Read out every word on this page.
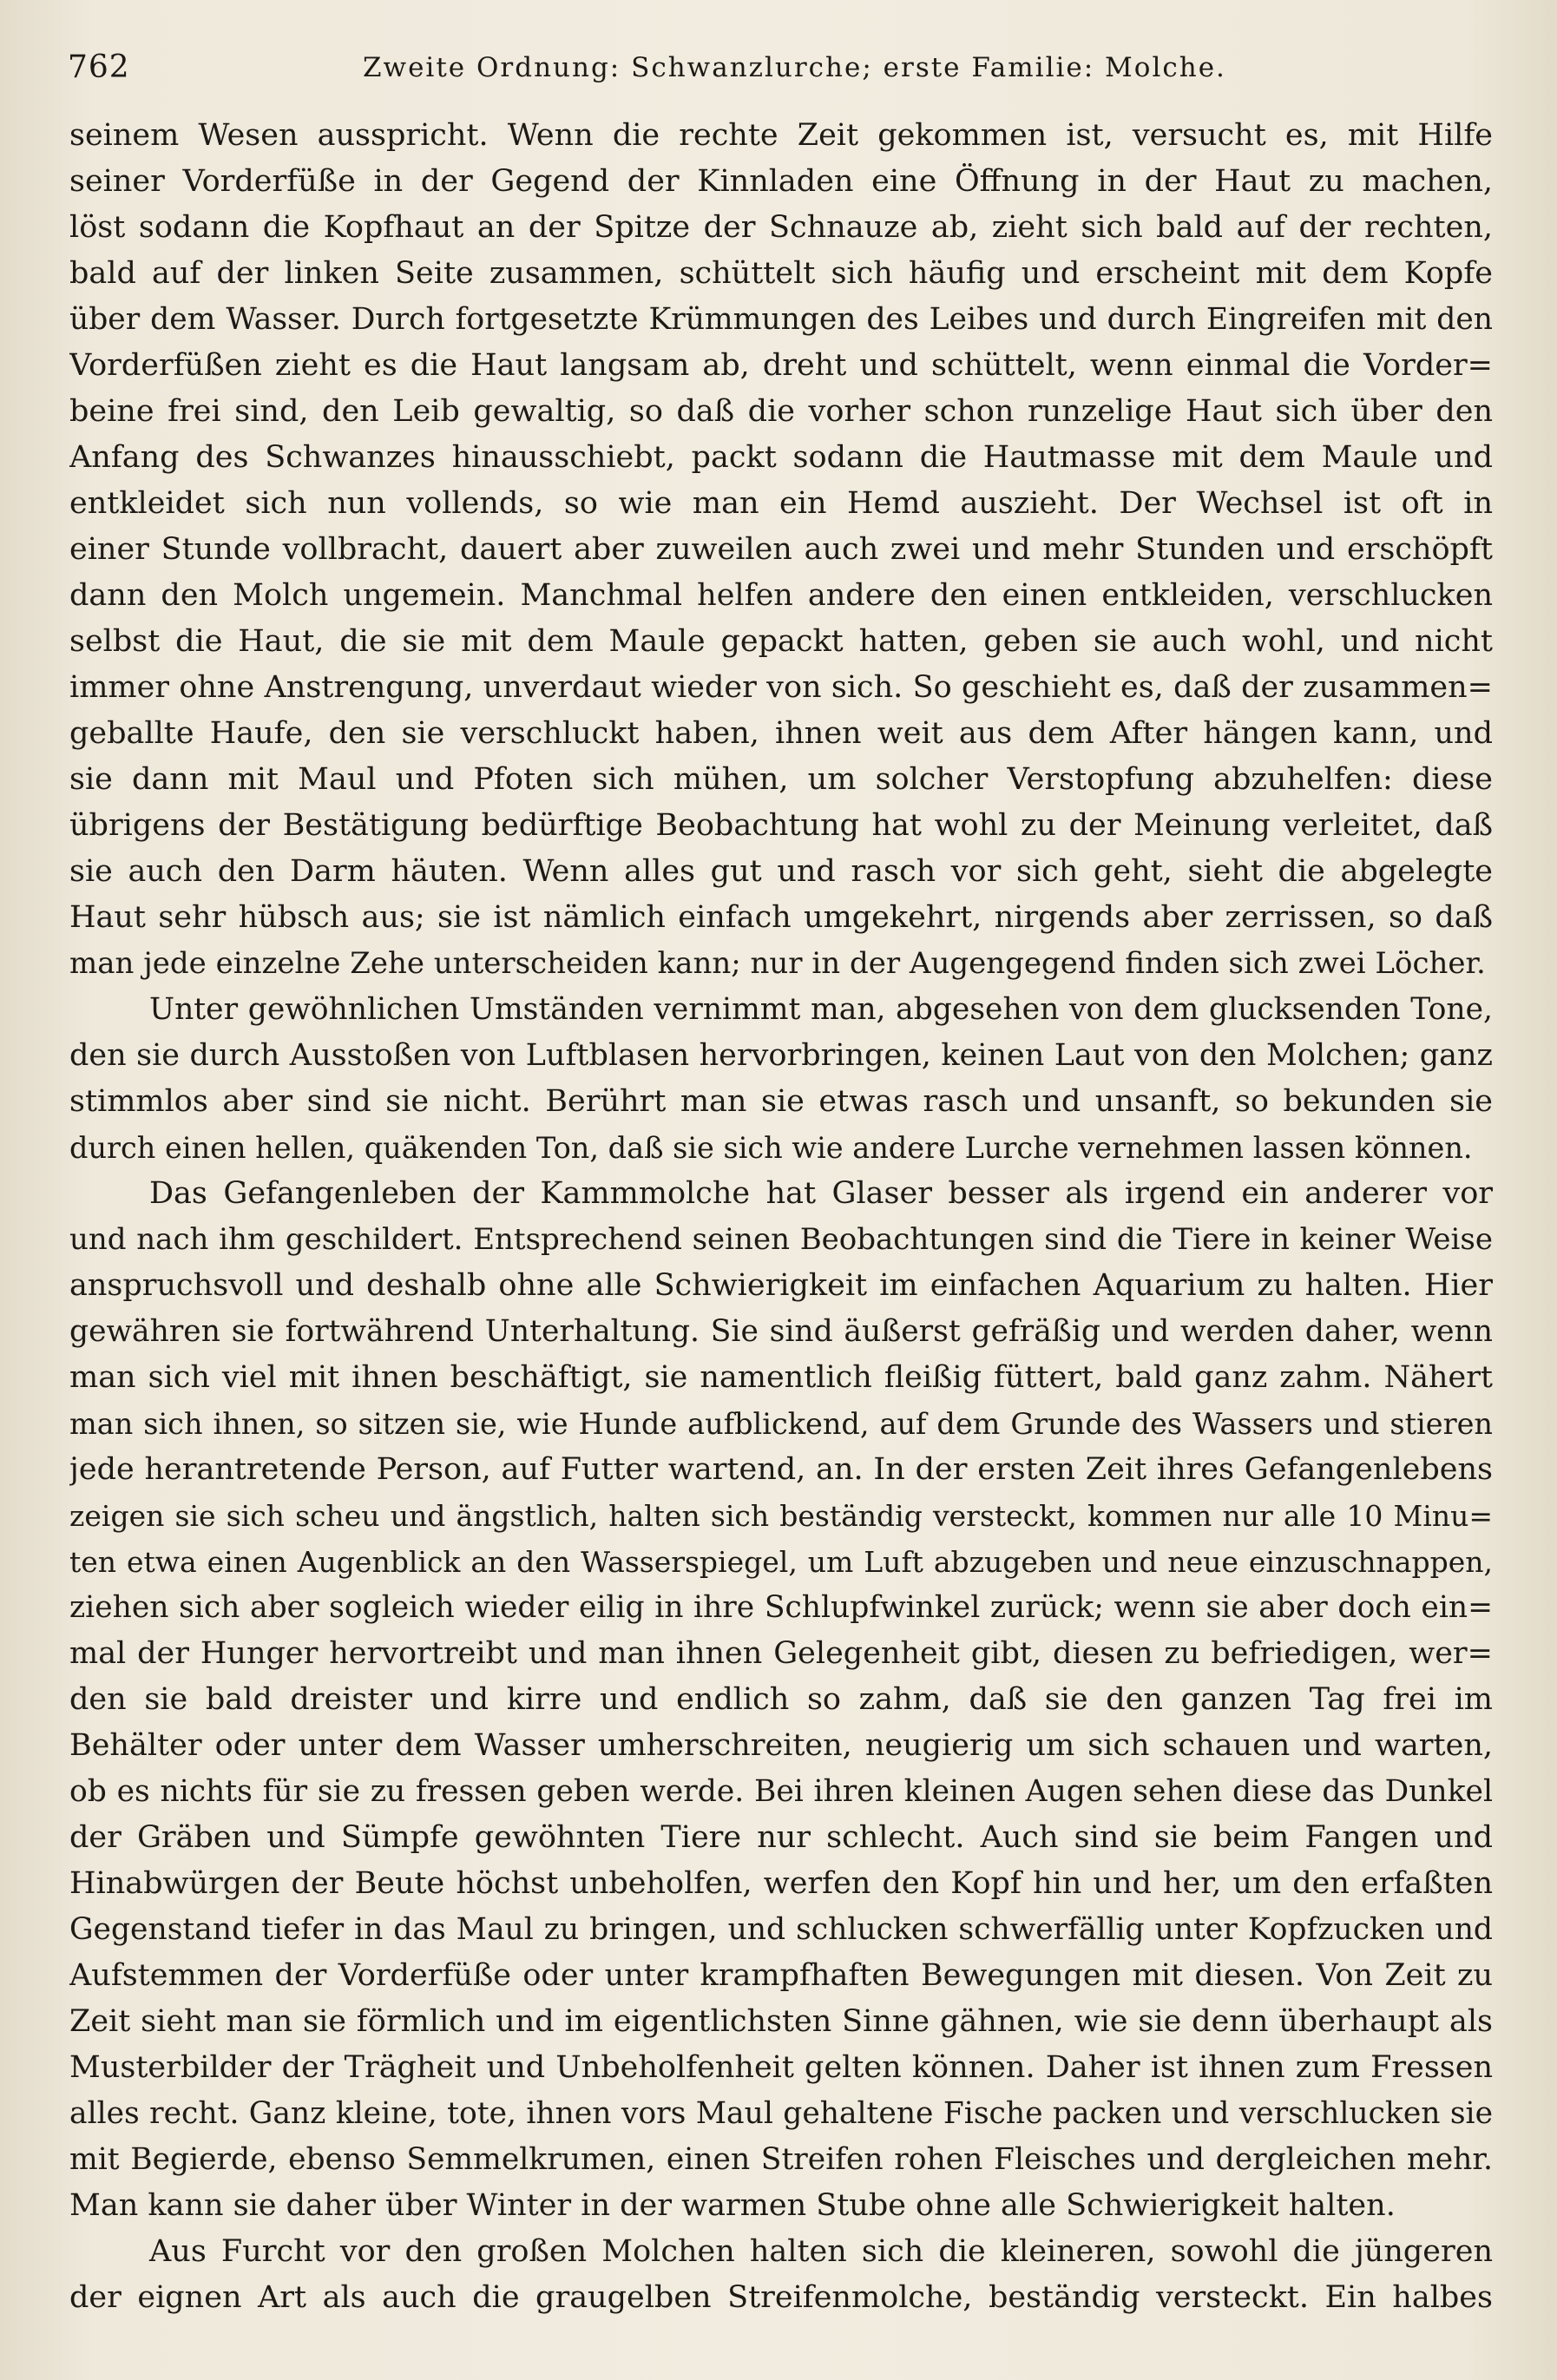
762	Zweite Ordnung: Schwanzlurche; erste Familie: Molche.
seinem Wesen ausspricht. Wenn die rechte Zeit gekommen ist, versucht es, mit Hilfe
seiner Vorderfüße in der Gegend der Kinnladen eine Öffnung in der Haut zu machen,
löst sodann die Kopfhaut an der Spitze der Schnauze ab, zieht sich bald auf der rechten,
bald auf der linken Seite zusammen, schüttelt sich häufig und erscheint mit dem Kopfe
über dem Wasser. Durch fortgesetzte Krümmungen des Leibes und durch Eingreifen mit den
Vorderfüßen zieht es die Haut langsam ab, dreht und schüttelt, wenn einmal die Vorder=
beine frei sind, den Leib gewaltig, so daß die vorher schon runzelige Haut sich über den
Anfang des Schwanzes hinausschiebt, packt sodann die Hautmasse mit dem Maule und
entkleidet sich nun vollends, so wie man ein Hemd auszieht. Der Wechsel ist oft in
einer Stunde vollbracht, dauert aber zuweilen auch zwei und mehr Stunden und erschöpft
dann den Molch ungemein. Manchmal helfen andere den einen entkleiden, verschlucken
selbst die Haut, die sie mit dem Maule gepackt hatten, geben sie auch wohl, und nicht
immer ohne Anstrengung, unverdaut wieder von sich. So geschieht es, daß der zusammen=
geballte Haufe, den sie verschluckt haben, ihnen weit aus dem After hängen kann, und
sie dann mit Maul und Pfoten sich mühen, um solcher Verstopfung abzuhelfen: diese
übrigens der Bestätigung bedürftige Beobachtung hat wohl zu der Meinung verleitet, daß
sie auch den Darm häuten. Wenn alles gut und rasch vor sich geht, sieht die abgelegte
Haut sehr hübsch aus; sie ist nämlich einfach umgekehrt, nirgends aber zerrissen, so daß
man jede einzelne Zehe unterscheiden kann; nur in der Augengegend finden sich zwei Löcher.
Unter gewöhnlichen Umständen vernimmt man, abgesehen von dem glucksenden Tone,
den sie durch Ausstoßen von Luftblasen hervorbringen, keinen Laut von den Molchen; ganz
stimmlos aber sind sie nicht. Berührt man sie etwas rasch und unsanft, so bekunden sie
durch einen hellen, quäkenden Ton, daß sie sich wie andere Lurche vernehmen lassen können.
Das Gefangenleben der Kammmolche hat Glaser besser als irgend ein anderer vor
und nach ihm geschildert. Entsprechend seinen Beobachtungen sind die Tiere in keiner Weise
anspruchsvoll und deshalb ohne alle Schwierigkeit im einfachen Aquarium zu halten. Hier
gewähren sie fortwährend Unterhaltung. Sie sind äußerst gefräßig und werden daher, wenn
man sich viel mit ihnen beschäftigt, sie namentlich fleißig füttert, bald ganz zahm. Nähert
man sich ihnen, so sitzen sie, wie Hunde aufblickend, auf dem Grunde des Wassers und stieren
jede herantretende Person, auf Futter wartend, an. In der ersten Zeit ihres Gefangenlebens
zeigen sie sich scheu und ängstlich, halten sich beständig versteckt, kommen nur alle 10 Minu=
ten etwa einen Augenblick an den Wasserspiegel, um Luft abzugeben und neue einzuschnappen,
ziehen sich aber sogleich wieder eilig in ihre Schlupfwinkel zurück; wenn sie aber doch ein=
mal der Hunger hervortreibt und man ihnen Gelegenheit gibt, diesen zu befriedigen, wer=
den sie bald dreister und kirre und endlich so zahm, daß sie den ganzen Tag frei im
Behälter oder unter dem Wasser umherschreiten, neugierig um sich schauen und warten,
ob es nichts für sie zu fressen geben werde. Bei ihren kleinen Augen sehen diese das Dunkel
der Gräben und Sümpfe gewöhnten Tiere nur schlecht. Auch sind sie beim Fangen und
Hinabwürgen der Beute höchst unbeholfen, werfen den Kopf hin und her, um den erfaßten
Gegenstand tiefer in das Maul zu bringen, und schlucken schwerfällig unter Kopfzucken und
Aufstemmen der Vorderfüße oder unter krampfhaften Bewegungen mit diesen. Von Zeit zu
Zeit sieht man sie förmlich und im eigentlichsten Sinne gähnen, wie sie denn überhaupt als
Musterbilder der Trägheit und Unbeholfenheit gelten können. Daher ist ihnen zum Fressen
alles recht. Ganz kleine, tote, ihnen vors Maul gehaltene Fische packen und verschlucken sie
mit Begierde, ebenso Semmelkrumen, einen Streifen rohen Fleisches und dergleichen mehr.
Man kann sie daher über Winter in der warmen Stube ohne alle Schwierigkeit halten.
Aus Furcht vor den großen Molchen halten sich die kleineren, sowohl die jüngeren
der eignen Art als auch die graugelben Streifenmolche, beständig versteckt. Ein halbes
